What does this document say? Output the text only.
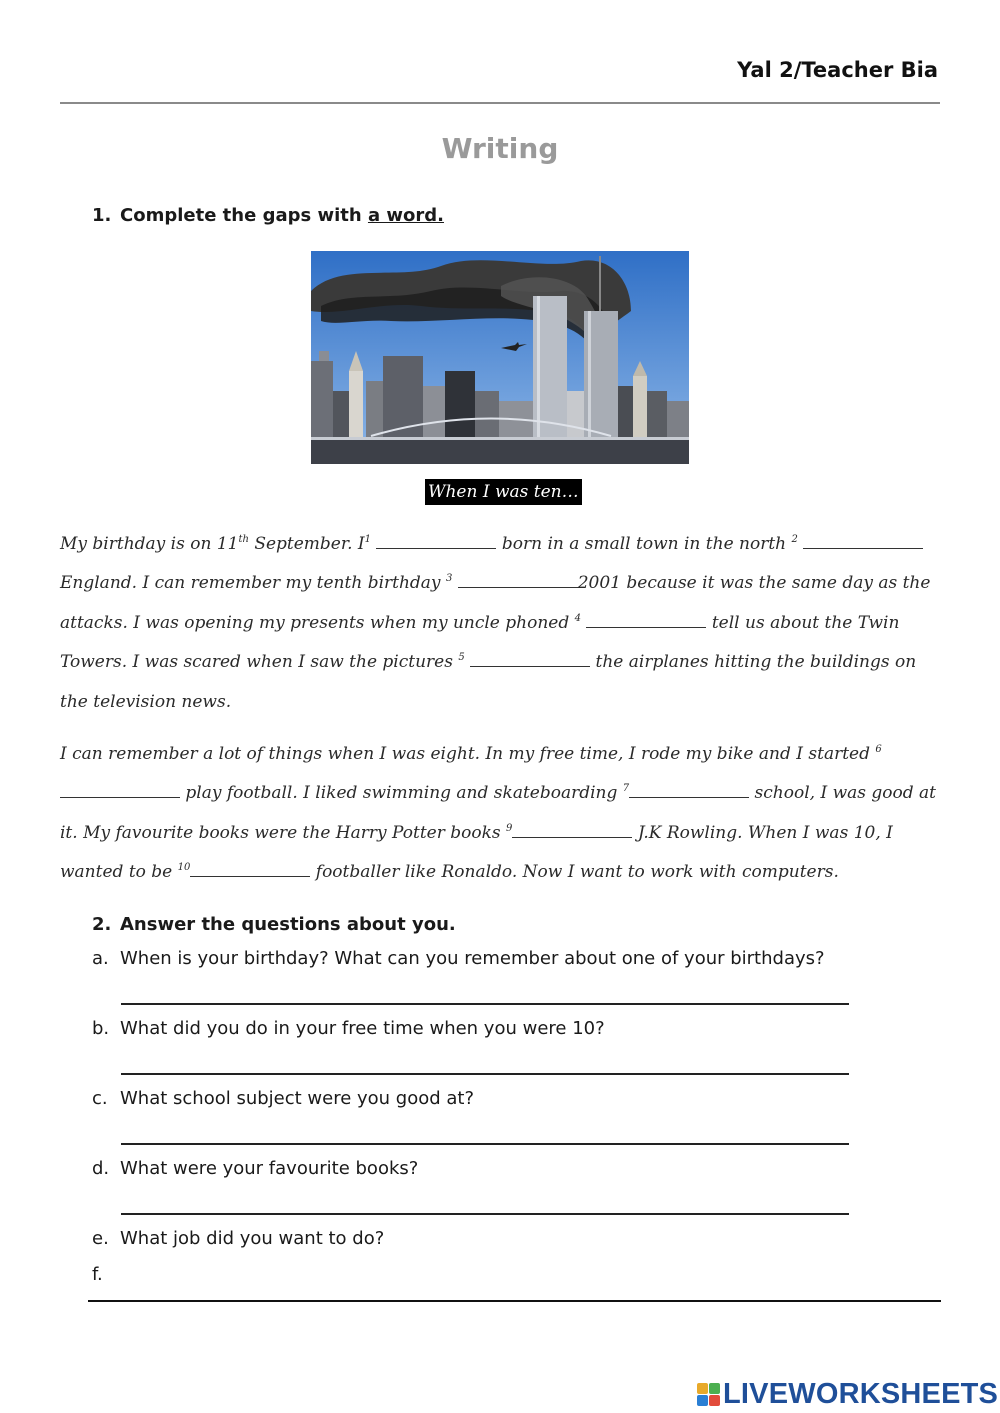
Yal 2/Teacher Bia
Writing
1. Complete the gaps with a word.
When I was ten…
My birthday is on 11th September. $I^1$	born in a small town in the north $^2$  England. I can remember my tenth birthday $^3$	2001 because it was the same day as the attacks. I was opening my presents when my uncle phoned $^4$	tell us about the Twin Towers. I was scared when I saw the pictures $^5$	the airplanes hitting the buildings on the television news.
I can remember a lot of things when I was eight. In my free time, I rode my bike and I started $^6$  play football. I liked swimming and skateboarding $^7$	school, I was good at it. My favourite books were the Harry Potter books $^9$	J.K Rowling. When I was 10, I wanted to be $^{10}$	footballer like Ronaldo. Now I want to work with computers.
2. Answer the questions about you.
a. When is your birthday? What can you remember about one of your birthdays?
b. What did you do in your free time when you were 10?
c. What school subject were you good at?
d. What were your favourite books?
e. What job did you want to do?
f.
LIVEWORKSHEETS
